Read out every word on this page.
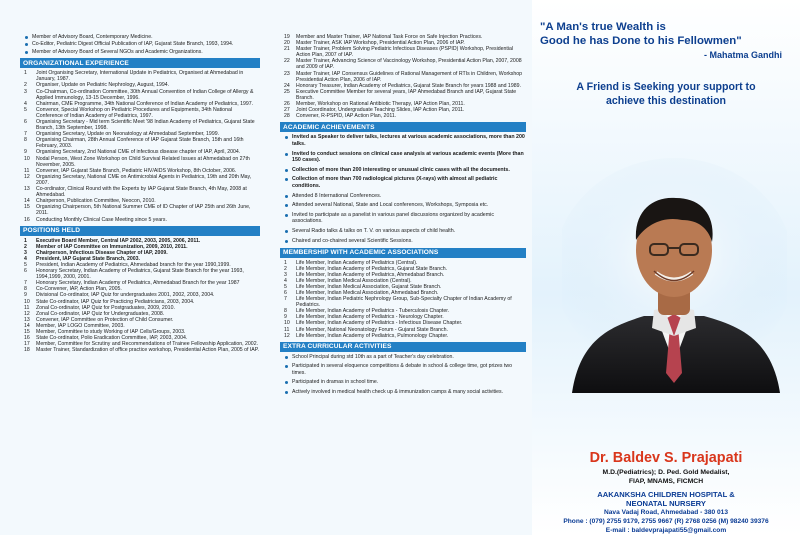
Member of Advisory Board, Contemporary Medicine.
Co-Editor, Pediatric Digest Official Publication of IAP, Gujarat State Branch, 1993, 1994.
Member of Advisory Board of Several NGOs and Academic Organizations.
ORGANIZATIONAL EXPERIENCE
1 Joint Organising Secretary, International Update in Pediatrics, Organised at Ahmedabad in January, 1987.
2 Organiser, Update on Pediatric Nephrology, August, 1994.
3 Co-Chairman, Co-ordination Committee, 30th Annual Convention of Indian College of Allergy & Applied Immunology, 13-15 December, 1996.
4 Chairman, CME Programme, 34th National Conference of Indian Academy of Pediatrics, 1997.
5 Convenor, Special Workshop on Pediatric Procedures and Equipments, 34th National Conference of Indian Academy of Pediatrics, 1997.
6 Organising Secretary - Mid term Scientific Meet '98 Indian Academy of Pediatrics, Gujarat State Branch, 13th September, 1998.
7 Organising Secretary, Update on Neonatology at Ahmedabad September, 1999.
8 Organising Chairman, 28th Annual Conference of IAP Gujarat State Branch, 15th and 16th February, 2003.
9 Organising Secretary, 2nd National CME of infectious disease chapter of IAP, April, 2004.
10 Nodal Person, West Zone Workshop on Child Survival Related Issues at Ahmedabad on 27th November, 2005.
11 Convener, IAP Gujarat State Branch, Pediatric HIV/AIDS Workshop, 8th October, 2006.
12 Organizing Secretary, National CME on Antimicrobial Agents in Pediatrics, 19th and 20th May, 2007.
13 Co-ordinator, Clinical Round with the Experts by IAP Gujarat State Branch, 4th May, 2008 at Ahmedabad.
14 Chairperson, Publication Committee, Neocon, 2010.
15 Organizing Chairperson, 5th National Summer CME of ID Chapter of IAP 25th and 26th June, 2011.
16 Conducting Monthly Clinical Case Meeting since 5 years.
POSITIONS HELD
1 Executive Board Member, Central IAP 2002, 2003, 2005, 2006, 2011.
2 Member of IAP Committee on Immunization, 2009, 2010, 2011.
3 Chairperson, Infectious Disease Chapter of IAP, 2009.
4 President, IAP Gujarat State Branch, 2003.
5 President, Indian Academy of Pediatrics, Ahmedabad branch for the year 1990,1999.
6 Honorary Secretary, Indian Academy of Pediatrics, Gujarat State Branch for the year 1993, 1994,1999, 2000, 2001.
7 Honorary Secretary, Indian Academy of Pediatrics, Ahmedabad Branch for the year 1987
8 Co-Convener, IAP, Action Plan, 2005.
9 Divisional Co-ordinator, IAP Quiz for undergraduates 2001, 2002, 2003, 2004.
10 State Co-ordinator, IAP Quiz for Practicing Pediatricians, 2003, 2004.
11 Zonal Co-ordinator, IAP Quiz for Postgraduates, 2009, 2010.
12 Zonal Co-ordinator, IAP Quiz for Undergraduates, 2008.
13 Convener, IAP Committee on Protection of Child Consumer.
14 Member, IAP LOGO Committee, 2003.
15 Member, Committee to study Working of IAP Cells/Groups, 2003.
16 State Co-ordinator, Polio Eradication Committee, IAP, 2003, 2004.
17 Member, Committee for Scrutiny and Recommendations of Trainee Fellowship Application, 2002.
18 Master Trainer, Standardization of office practice workshop, Presidential Action Plan, 2005 of IAP.
19 Member and Master Trainer, IAP National Task Force on Safe Injection Practices.
20 Master Trainer, ASK IAP Workshop, Presidential Action Plan, 2006 of IAP.
21 Master Trainer, Problem Solving Pediatric Infectious Diseases (PSPID) Workshop, Presidential Action Plan, 2007 of IAP.
22 Master Trainer, Advancing Science of Vaccinology Workshop, Presidential Action Plan, 2007, 2008 and 2009 of IAP.
23 Master Trainer, IAP Consensus Guidelines of Rational Management of RTIs in Children, Workshop Presidential Action Plan, 2006 of IAP.
24 Honorary Treasurer, Indian Academy of Pediatrics, Gujarat State Branch for years 1988 and 1989.
25 Executive Committee Member for several years, IAP Ahmedabad Branch and IAP, Gujarat State Branch.
26 Member, Workshop on Rational Antibiotic Therapy, IAP Action Plan, 2011.
27 Joint Coordinator, Undergraduate Teaching Slides, IAP Action Plan, 2011.
28 Convener, R-PSPID, IAP Action Plan, 2011.
ACADEMIC ACHIEVEMENTS
Invited as Speaker to deliver talks, lectures at various academic associations, more than 200 talks.
Invited to conduct sessions on clinical case analysis at various academic events (More than 150 cases).
Collection of more than 200 interesting or unusual clinic cases with all the documents.
Collection of more than 700 radiological pictures (X-rays) with almost all pediatric conditions.
Attended 8 International Conferences.
Attended several National, State and Local conferences, Workshops, Symposia etc.
Invited to participate as a panelist in various panel discussions organized by academic associations.
Several Radio talks & talks on T. V. on various aspects of child health.
Chaired and co-chaired several Scientific Sessions.
MEMBERSHIP WITH ACADEMIC ASSOCIATIONS
1 Life Member, Indian Academy of Pediatrics (Central).
2 Life Member, Indian Academy of Pediatrics, Gujarat State Branch.
3 Life Member, Indian Academy of Pediatrics, Ahmedabad Branch.
4 Life Member, Indian Medical Association (Central).
5 Life Member, Indian Medical Association, Gujarat State Branch.
6 Life Member, Indian Medical Association, Ahmedabad Branch.
7 Life Member, Indian Pediatric Nephrology Group, Sub-Specialty Chapter of Indian Academy of Pediatrics.
8 Life Member, Indian Academy of Pediatrics - Tuberculosis Chapter.
9 Life Member, Indian Academy of Pediatrics - Neurology Chapter.
10 Life Member, Indian Academy of Pediatrics - Infectious Disease Chapter.
11 Life Member, National Neonatology Forum - Gujarat State Branch.
12 Life Member, Indian Academy of Pediatrics, Pulmonology Chapter.
EXTRA CURRICULAR ACTIVITIES
School Principal during std 10th as a part of Teacher's day celebration.
Participated in several eloquence competitions & debate in school & college time, got prizes two times.
Participated in dramas in school time.
Actively involved in medical health check up & immunization camps & many social activities.
"A Man's true Wealth is
Good he has Done to his Fellowmen"
- Mahatma Gandhi
A Friend is Seeking your support to
achieve this destination
Dr. Baldev S. Prajapati
M.D.(Pediatrics); D. Ped. Gold Medalist,
FIAP, MNAMS, FICMCH
AAKANKSHA CHILDREN HOSPITAL &
NEONATAL NURSERY
Nava Vadaj Road, Ahmedabad - 380 013
Phone : (079) 2755 9179, 2755 9667 (R) 2768 0256 (M) 98240 39376
E-mail : baldevprajapati55@gmail.com
